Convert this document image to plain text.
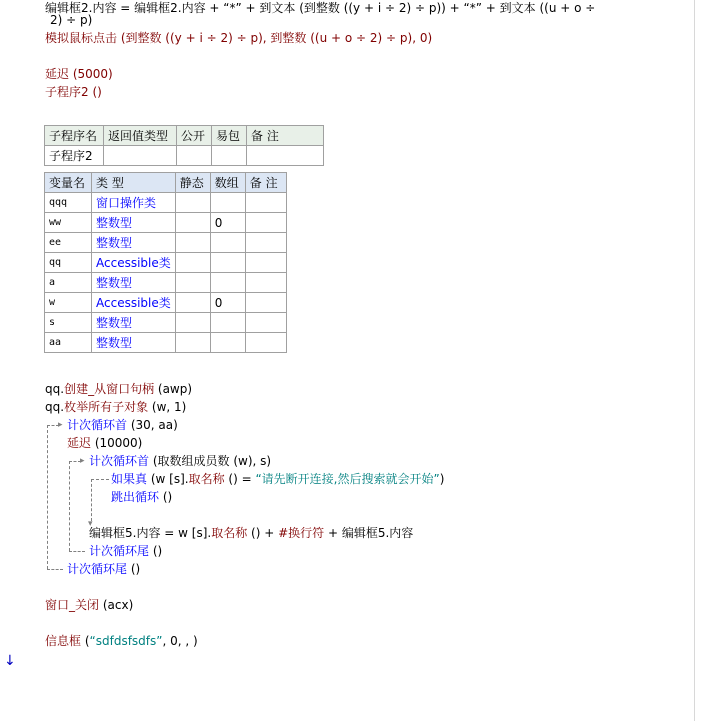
编辑框2.内容 = 编辑框2.内容 + “*” + 到文本 (到整数 ((y + i ÷ 2) ÷ p)) + “*” + 到文本 ((u + o ÷
2) ÷ p)
模拟鼠标点击 (到整数 ((y + i ÷ 2) ÷ p), 到整数 ((u + o ÷ 2) ÷ p), 0)
延迟 (5000)
子程序2 ()
子程序名	返回值类型	公开	易包	备 注
子程序2				
变量名	类 型	静态	数组	备 注
qqq	窗口操作类			
ww	整数型		0	
ee	整数型			
qq	Accessible类			
a	整数型			
w	Accessible类		0	
s	整数型			
aa	整数型			
qq.创建_从窗口句柄 (awp)
qq.枚举所有子对象 (w, 1)
▸ 计次循环首 (30, aa)
延迟 (10000)
▸ 计次循环首 (取数组成员数 (w), s)
▾
如果真 (w [s].取名称 () = “请先断开连接,然后搜索就会开始”)
跳出循环 ()
编辑框5.内容 = w [s].取名称 () + #换行符 + 编辑框5.内容
计次循环尾 ()
计次循环尾 ()
窗口_关闭 (acx)
信息框 (“sdfdsfsdfs”, 0, , )
↓
